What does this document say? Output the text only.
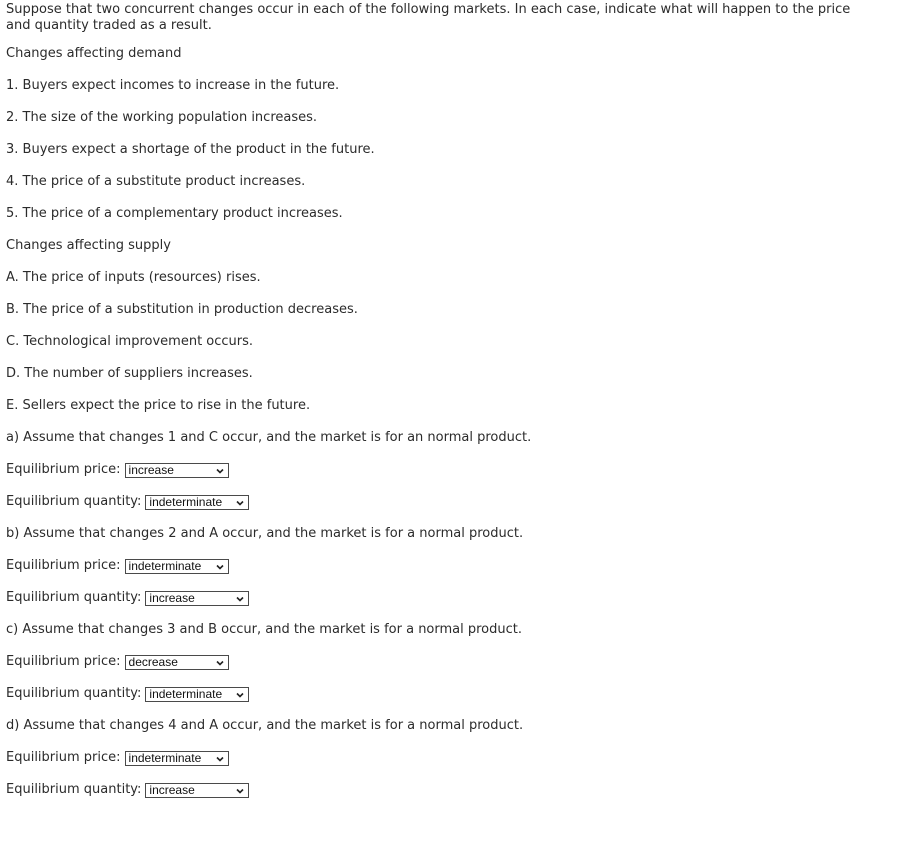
Suppose that two concurrent changes occur in each of the following markets. In each case, indicate what will happen to the price and quantity traded as a result.
Changes affecting demand
1. Buyers expect incomes to increase in the future.
2. The size of the working population increases.
3. Buyers expect a shortage of the product in the future.
4. The price of a substitute product increases.
5. The price of a complementary product increases.
Changes affecting supply
A. The price of inputs (resources) rises.
B. The price of a substitution in production decreases.
C. Technological improvement occurs.
D. The number of suppliers increases.
E. Sellers expect the price to rise in the future.
a) Assume that changes 1 and C occur, and the market is for an normal product.
Equilibrium price: increase
Equilibrium quantity: indeterminate
b) Assume that changes 2 and A occur, and the market is for a normal product.
Equilibrium price: indeterminate
Equilibrium quantity: increase
c) Assume that changes 3 and B occur, and the market is for a normal product.
Equilibrium price: decrease
Equilibrium quantity: indeterminate
d) Assume that changes 4 and A occur, and the market is for a normal product.
Equilibrium price: indeterminate
Equilibrium quantity: increase
